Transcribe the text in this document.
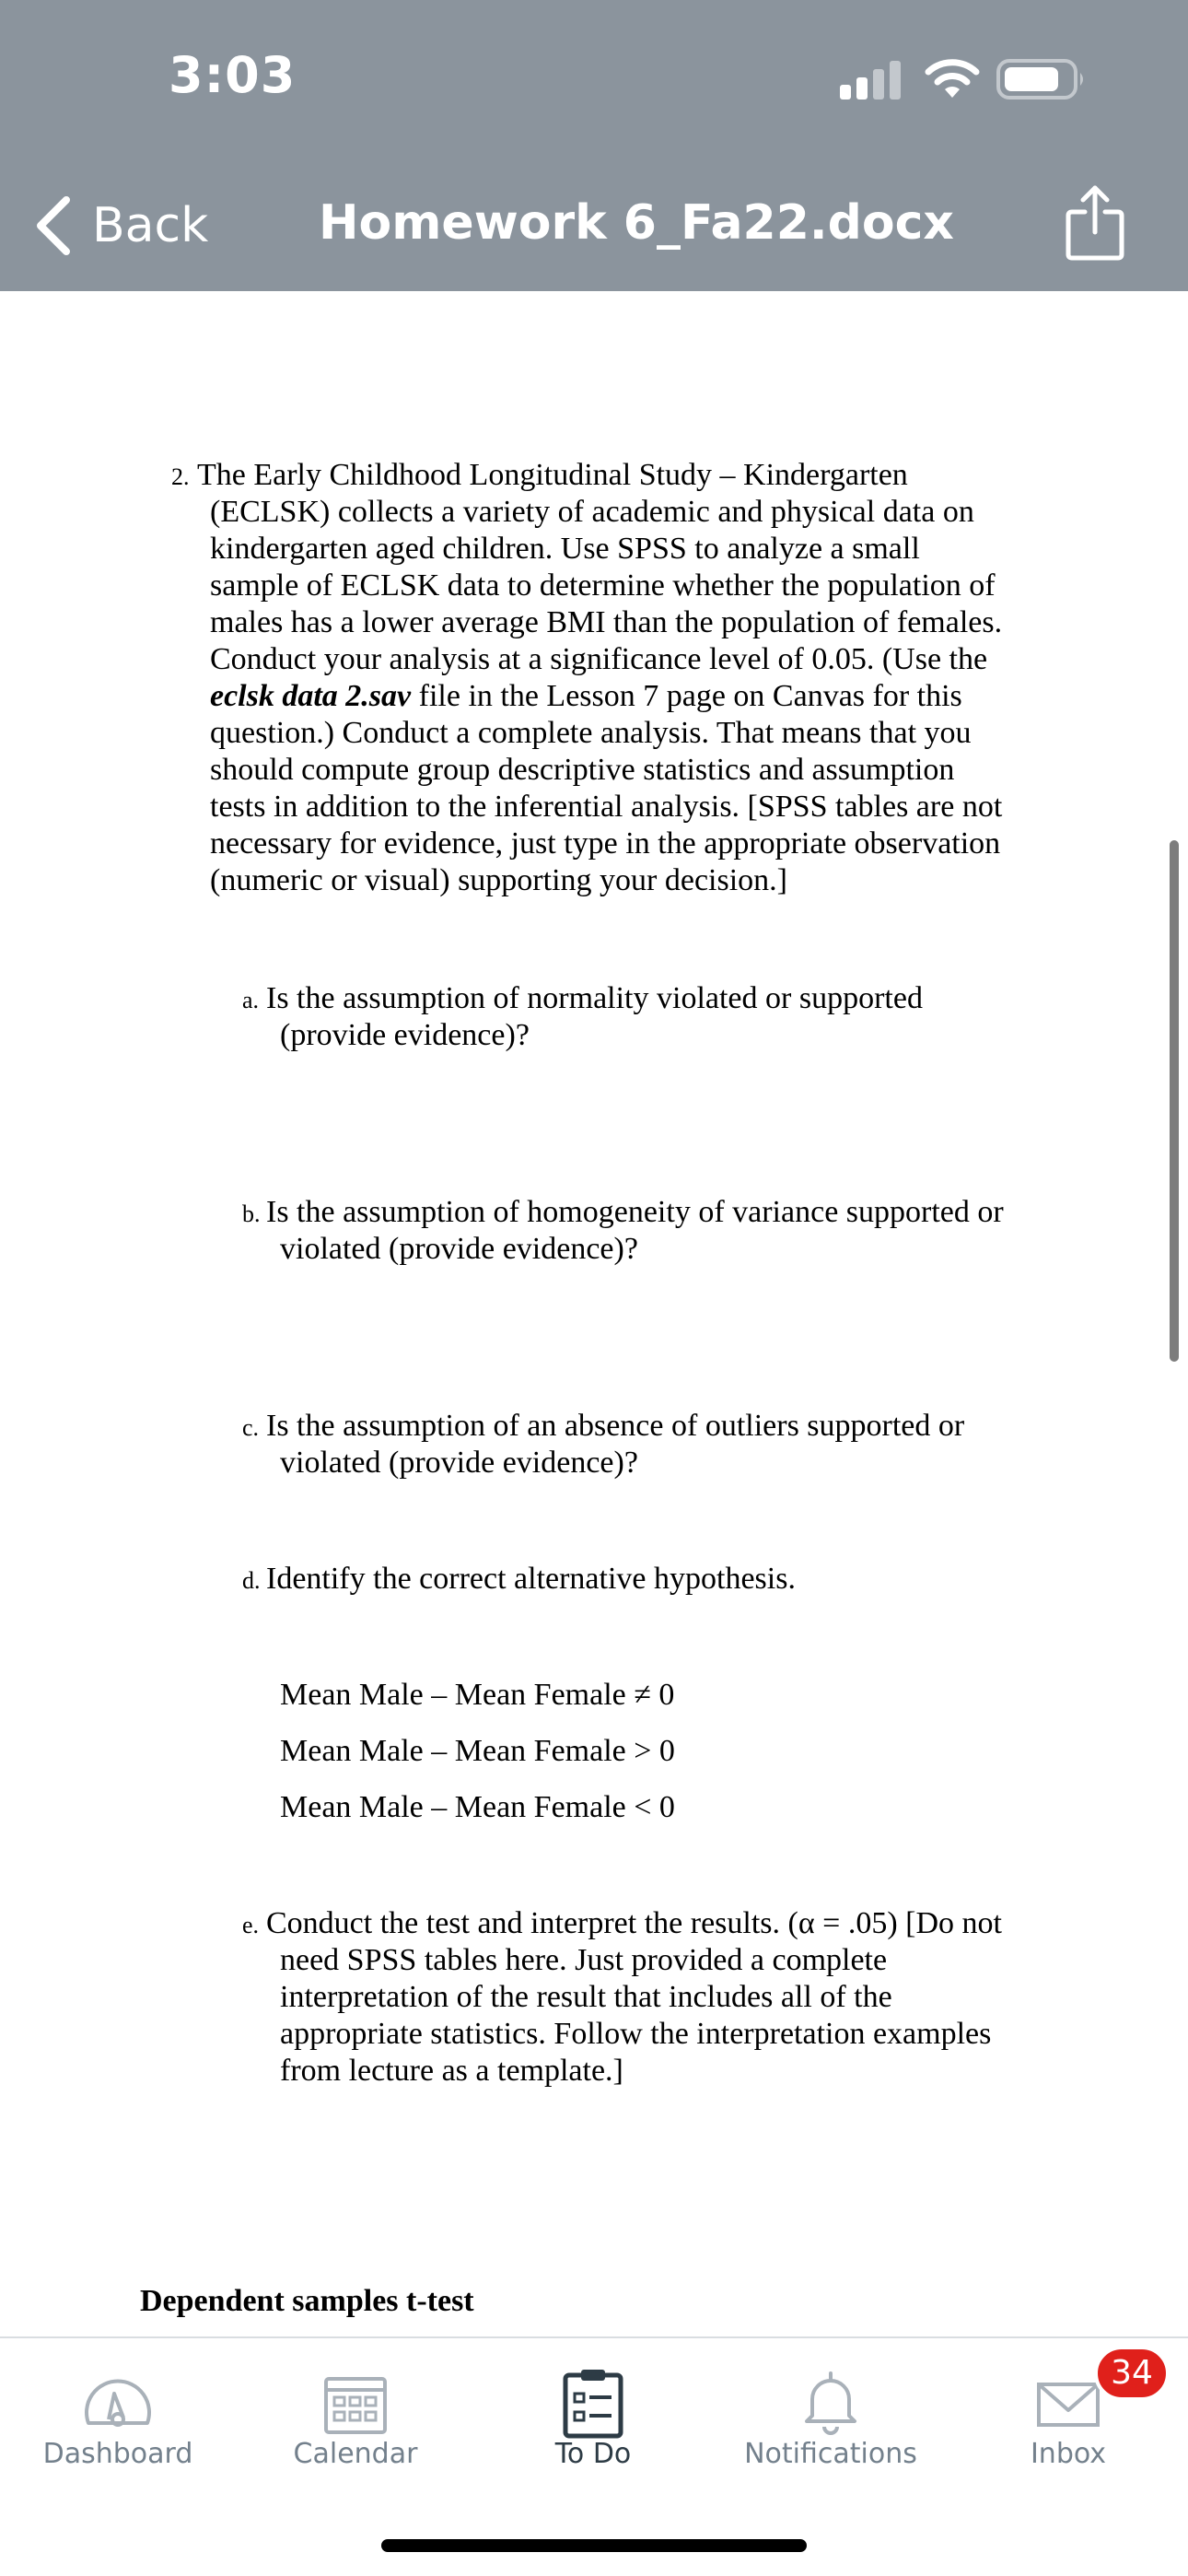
3:03
Back Homework 6_Fa22.docx
2. The Early Childhood Longitudinal Study – Kindergarten
(ECLSK) collects a variety of academic and physical data on
kindergarten aged children. Use SPSS to analyze a small
sample of ECLSK data to determine whether the population of
males has a lower average BMI than the population of females.
Conduct your analysis at a significance level of 0.05. (Use the
eclsk data 2.sav file in the Lesson 7 page on Canvas for this
question.) Conduct a complete analysis. That means that you
should compute group descriptive statistics and assumption
tests in addition to the inferential analysis. [SPSS tables are not
necessary for evidence, just type in the appropriate observation
(numeric or visual) supporting your decision.]
a. Is the assumption of normality violated or supported
(provide evidence)?
b. Is the assumption of homogeneity of variance supported or
violated (provide evidence)?
c. Is the assumption of an absence of outliers supported or
violated (provide evidence)?
d. Identify the correct alternative hypothesis.
Mean Male – Mean Female ≠ 0
Mean Male – Mean Female > 0
Mean Male – Mean Female < 0
e. Conduct the test and interpret the results. (α = .05) [Do not
need SPSS tables here. Just provided a complete
interpretation of the result that includes all of the
appropriate statistics. Follow the interpretation examples
from lecture as a template.]
Dependent samples t-test
Dashboard	Calendar	To Do	Notifications	Inbox
34
